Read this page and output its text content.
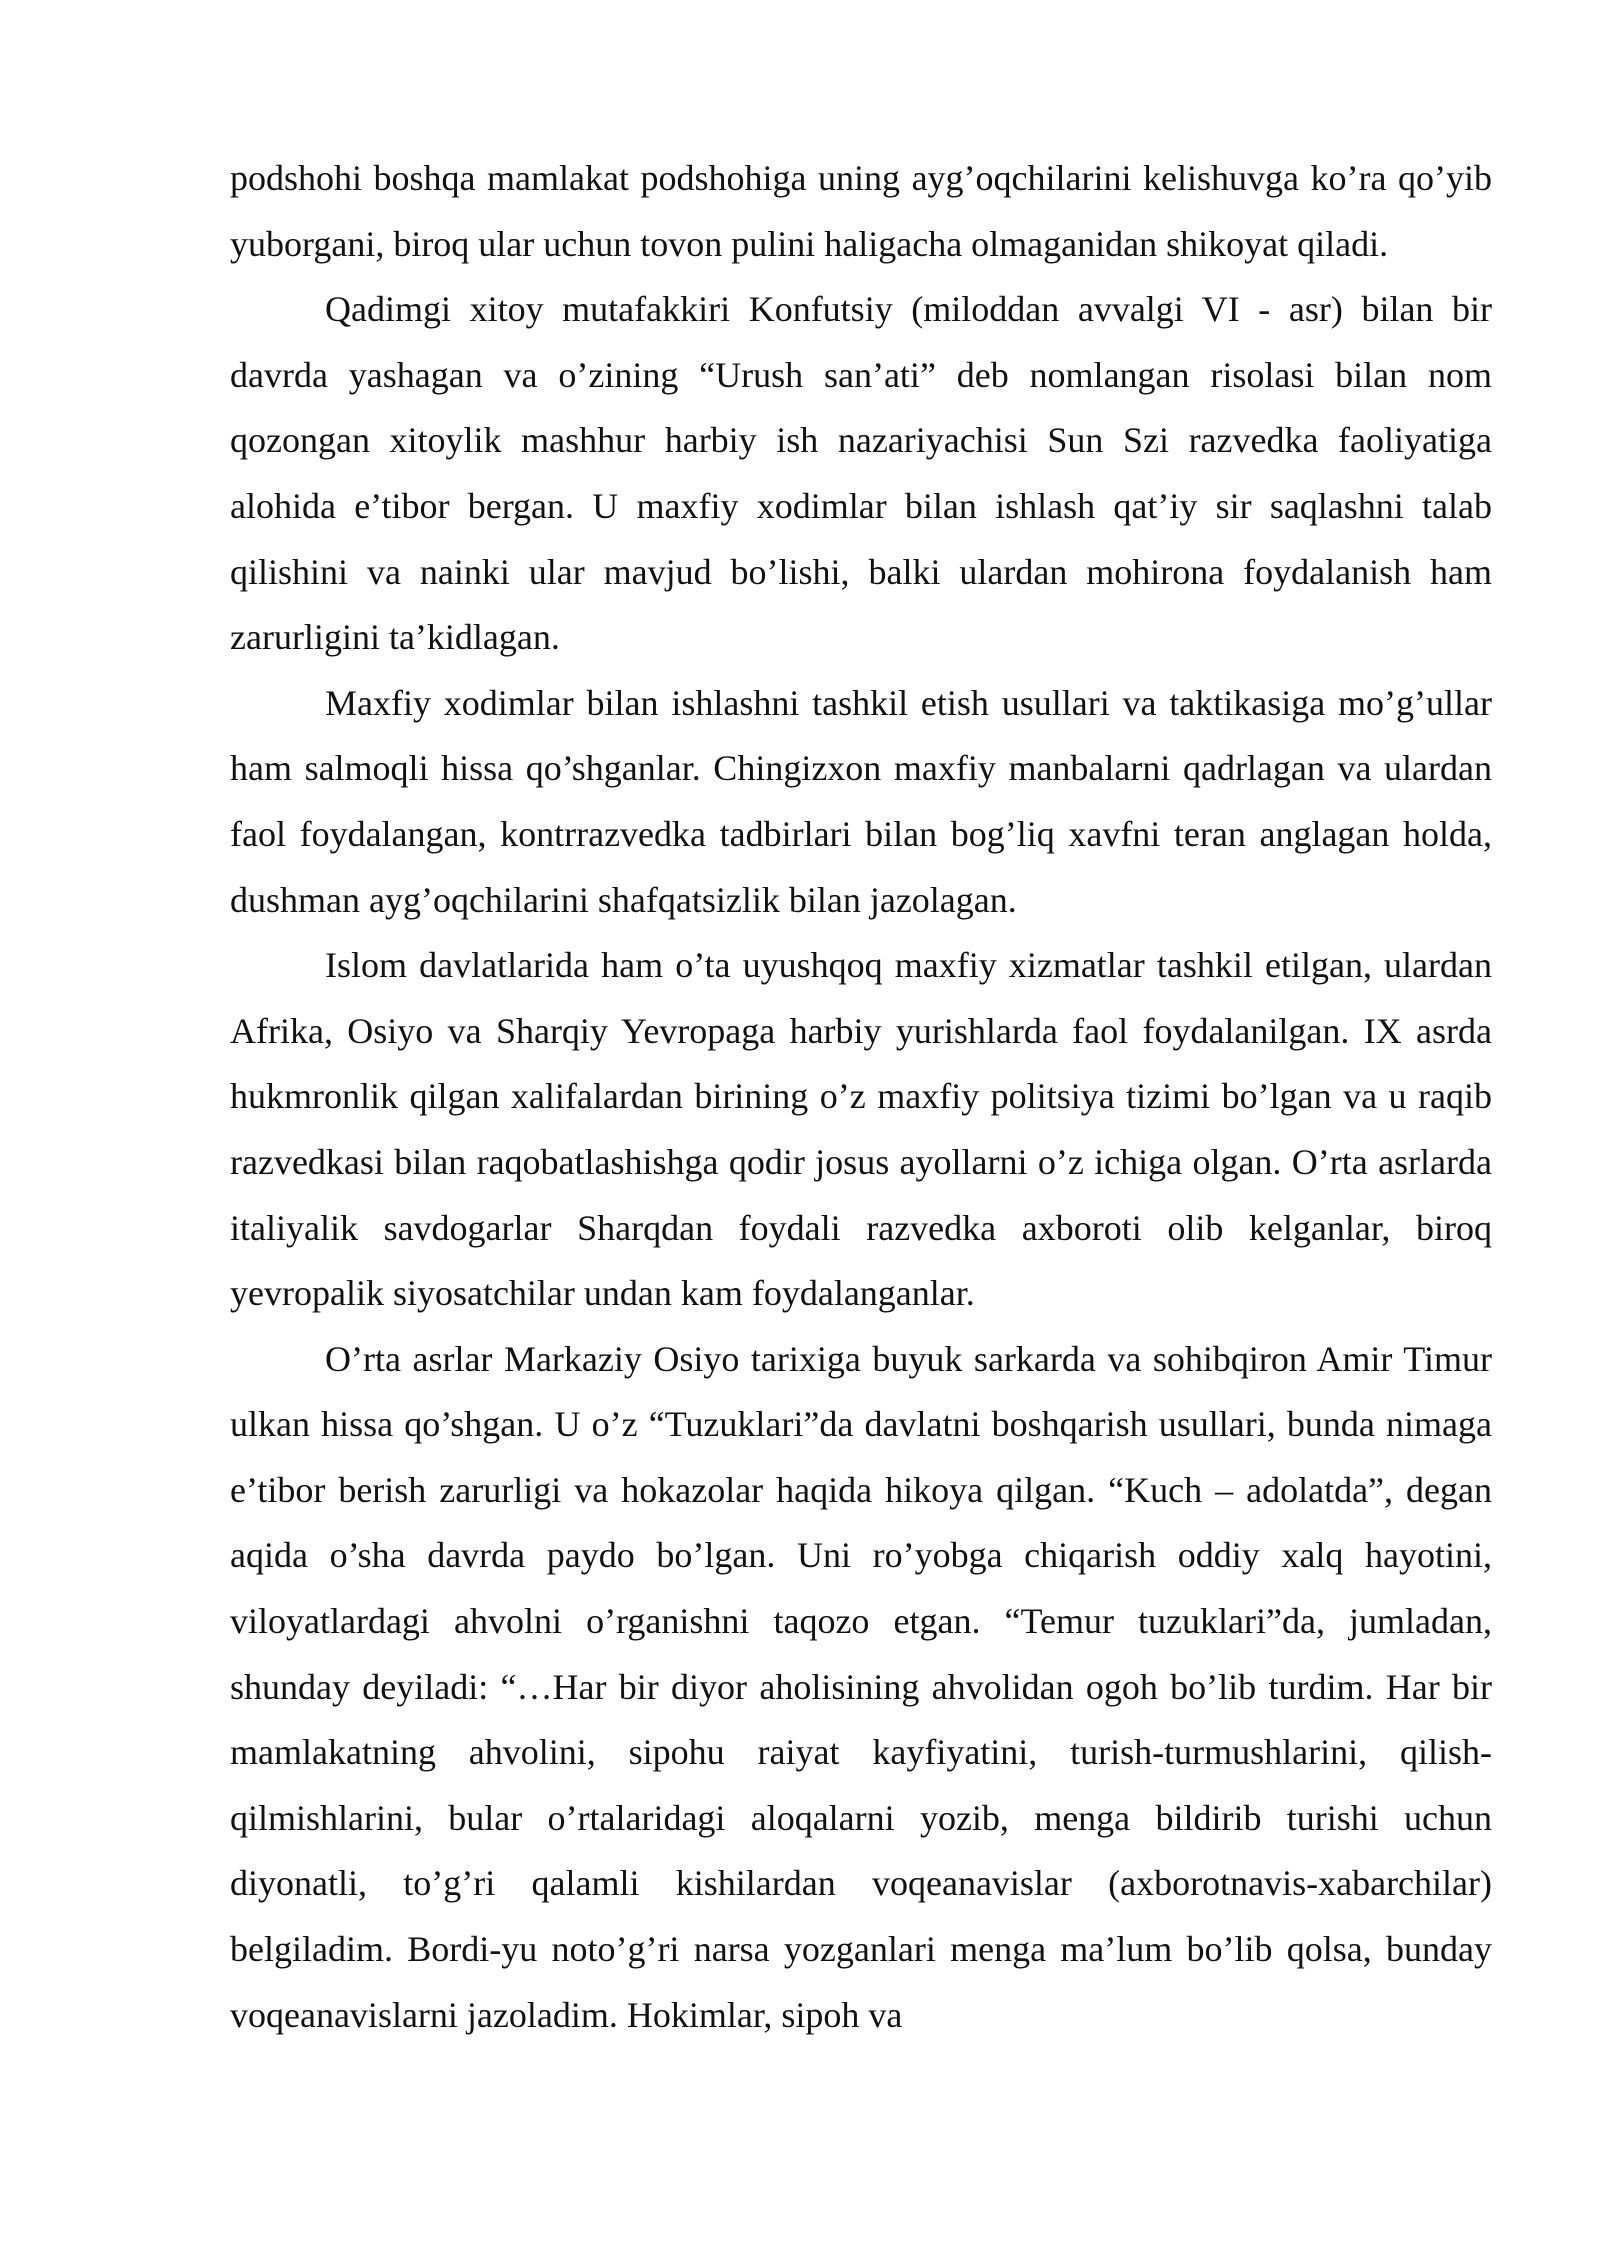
podshohi boshqa mamlakat podshohiga uning ayg’oqchilarini kelishuvga ko’ra qo’yib yuborgani, biroq ular uchun tovon pulini haligacha olmaganidan shikoyat qiladi.

Qadimgi xitoy mutafakkiri Konfutsiy (miloddan avvalgi VI - asr) bilan bir davrda yashagan va o’zining “Urush san’ati” deb nomlangan risolasi bilan nom qozongan xitoylik mashhur harbiy ish nazariyachisi Sun Szi razvedka faoliyatiga alohida e’tibor bergan. U maxfiy xodimlar bilan ishlash qat’iy sir saqlashni talab qilishini va nainki ular mavjud bo’lishi, balki ulardan mohirona foydalanish ham zarurligini ta’kidlagan.

Maxfiy xodimlar bilan ishlashni tashkil etish usullari va taktikasiga mo’g’ullar ham salmoqli hissa qo’shganlar. Chingizxon maxfiy manbalarni qadrlagan va ulardan faol foydalangan, kontrrazvedka tadbirlari bilan bog’liq xavfni teran anglagan holda, dushman ayg’oqchilarini shafqatsizlik bilan jazolagan.

Islom davlatlarida ham o’ta uyushqoq maxfiy xizmatlar tashkil etilgan, ulardan Afrika, Osiyo va Sharqiy Yevropaga harbiy yurishlarda faol foydalanilgan. IX asrda hukmronlik qilgan xalifalardan birining o’z maxfiy politsiya tizimi bo’lgan va u raqib razvedkasi bilan raqobatlashishga qodir josus ayollarni o’z ichiga olgan. O’rta asrlarda italiyalik savdogarlar Sharqdan foydali razvedka axboroti olib kelganlar, biroq yevropalik siyosatchilar undan kam foydalanganlar.

O’rta asrlar Markaziy Osiyo tarixiga buyuk sarkarda va sohibqiron Amir Timur ulkan hissa qo’shgan. U o’z “Tuzuklari”da davlatni boshqarish usullari, bunda nimaga e’tibor berish zarurligi va hokazolar haqida hikoya qilgan. “Kuch – adolatda”, degan aqida o’sha davrda paydo bo’lgan. Uni ro’yobga chiqarish oddiy xalq hayotini, viloyatlardagi ahvolni o’rganishni taqozo etgan. “Temur tuzuklari”da, jumladan, shunday deyiladi: “…Har bir diyor aholisining ahvolidan ogoh bo’lib turdim. Har bir mamlakatning ahvolini, sipohu raiyat kayfiyatini, turish-turmushlarini, qilish-qilmishlarini, bular o’rtalaridagi aloqalarni yozib, menga bildirib turishi uchun diyonatli, to’g’ri qalamli kishilardan voqeanavislar (axborotnavis-xabarchilar) belgiladim. Bordi-yu noto’g’ri narsa yozganlari menga ma’lum bo’lib qolsa, bunday voqeanavislarni jazoladim. Hokimlar, sipoh va
